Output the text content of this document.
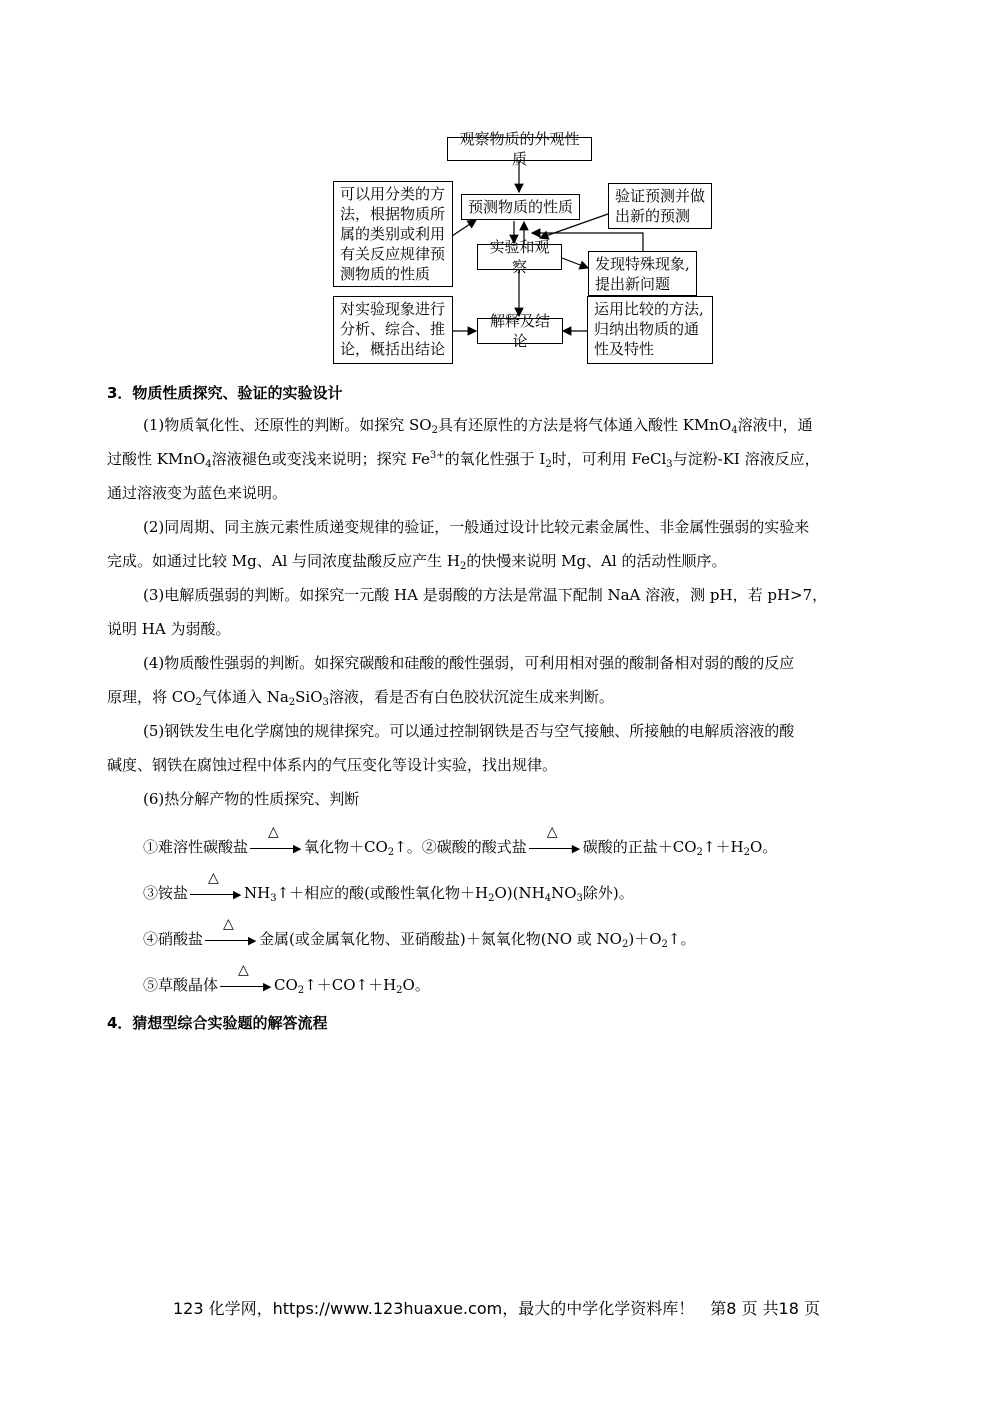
观察物质的外观性质
可以用分类的方
法，根据物质所
属的类别或利用
有关反应规律预
测物质的性质
预测物质的性质
验证预测并做
出新的预测
实验和观察	发现特殊现象,
提出新问题
对实验现象进行
分析、综合、推
论，概括出结论
解释及结论
运用比较的方法,
归纳出物质的通
性及特性
3．物质性质探究、验证的实验设计
(1)物质氧化性、还原性的判断。如探究 $SO_2$具有还原性的方法是将气体通入酸性 KMnO$_4$溶液中，通
过酸性 KMnO$_4$溶液褪色或变浅来说明；探究 $Fe^{3+}$的氧化性强于 $I_2$时，可利用 FeCl$_3$与淀粉-KI 溶液反应，
通过溶液变为蓝色来说明。
(2)同周期、同主族元素性质递变规律的验证，一般通过设计比较元素金属性、非金属性强弱的实验来
完成。如通过比较 Mg、Al 与同浓度盐酸反应产生 $H_2$的快慢来说明 Mg、Al 的活动性顺序。
(3)电解质强弱的判断。如探究一元酸 HA 是弱酸的方法是常温下配制 NaA 溶液，测 pH，若 pH>7，
说明 HA 为弱酸。
(4)物质酸性强弱的判断。如探究碳酸和硅酸的酸性强弱，可利用相对强的酸制备相对弱的酸的反应
原理，将 $CO_2$气体通入 $Na_2SiO_3$溶液，看是否有白色胶状沉淀生成来判断。
(5)钢铁发生电化学腐蚀的规律探究。可以通过控制钢铁是否与空气接触、所接触的电解质溶液的酸
碱度、钢铁在腐蚀过程中体系内的气压变化等设计实验，找出规律。
(6)热分解产物的性质探究、判断
①难溶性碳酸盐
△
▶ 氧化物$+CO_2↑$。②碳酸的酸式盐
△
▶ 碳酸的正盐$+CO_2↑+H_2O$。
③铵盐
△
▶ $NH_3↑+$相应的酸(或酸性氧化物$+H_2O)(NH_4NO_3$除外)。
④硝酸盐
△
▶ 金属(或金属氧化物、亚硝酸盐)＋氮氧化物(NO 或 $NO_2)+O_2↑$。
⑤草酸晶体
△
▶ $CO_2↑+CO↑+H_2O$。
4．猜想型综合实验题的解答流程
123 化学网，https://www.123huaxue.com，最大的中学化学资料库！　第8 页 共18 页
